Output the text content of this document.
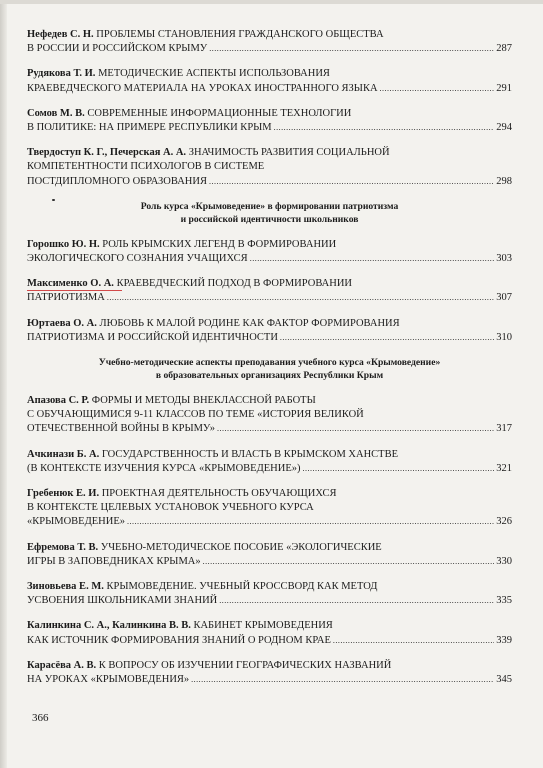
Нефедев С. Н. ПРОБЛЕМЫ СТАНОВЛЕНИЯ ГРАЖДАНСКОГО ОБЩЕСТВА
В РОССИИ И РОССИЙСКОМ КРЫМУ .....	287
Рудякова Т. И. МЕТОДИЧЕСКИЕ АСПЕКТЫ ИСПОЛЬЗОВАНИЯ
КРАЕВЕДЧЕСКОГО МАТЕРИАЛА НА УРОКАХ ИНОСТРАННОГО ЯЗЫКА .....	291
Сомов М. В. СОВРЕМЕННЫЕ ИНФОРМАЦИОННЫЕ ТЕХНОЛОГИИ
В ПОЛИТИКЕ: НА ПРИМЕРЕ РЕСПУБЛИКИ КРЫМ .....	294
Твердоступ К. Г., Печерская А. А. ЗНАЧИМОСТЬ РАЗВИТИЯ СОЦИАЛЬНОЙ
КОМПЕТЕНТНОСТИ ПСИХОЛОГОВ В СИСТЕМЕ
ПОСТДИПЛОМНОГО ОБРАЗОВАНИЯ .....	298
Роль курса «Крымоведение» в формировании патриотизма
и российской идентичности школьников
Горошко Ю. Н. РОЛЬ КРЫМСКИХ ЛЕГЕНД В ФОРМИРОВАНИИ
ЭКОЛОГИЧЕСКОГО СОЗНАНИЯ УЧАЩИХСЯ .....	303
Максименко О. А.
КРАЕВЕДЧЕСКИЙ ПОДХОД В ФОРМИРОВАНИИ
ПАТРИОТИЗМА .....	307
Юртаева О. А. ЛЮБОВЬ К МАЛОЙ РОДИНЕ КАК ФАКТОР ФОРМИРОВАНИЯ
ПАТРИОТИЗМА И РОССИЙСКОЙ ИДЕНТИЧНОСТИ .....	310
Учебно-методические аспекты преподавания учебного курса «Крымоведение»
в образовательных организациях Республики Крым
Апазова С. Р. ФОРМЫ И МЕТОДЫ ВНЕКЛАССНОЙ РАБОТЫ
С ОБУЧАЮЩИМИСЯ 9-11 КЛАССОВ ПО ТЕМЕ «ИСТОРИЯ ВЕЛИКОЙ
ОТЕЧЕСТВЕННОЙ ВОЙНЫ В КРЫМУ» .....	317
Ачкинази Б. А. ГОСУДАРСТВЕННОСТЬ И ВЛАСТЬ В КРЫМСКОМ ХАНСТВЕ
(В КОНТЕКСТЕ ИЗУЧЕНИЯ КУРСА «КРЫМОВЕДЕНИЕ») .....	321
Гребенюк Е. И. ПРОЕКТНАЯ ДЕЯТЕЛЬНОСТЬ ОБУЧАЮЩИХСЯ
В КОНТЕКСТЕ ЦЕЛЕВЫХ УСТАНОВОК УЧЕБНОГО КУРСА
«КРЫМОВЕДЕНИЕ» .....	326
Ефремова Т. В. УЧЕБНО-МЕТОДИЧЕСКОЕ ПОСОБИЕ «ЭКОЛОГИЧЕСКИЕ
ИГРЫ В ЗАПОВЕДНИКАХ КРЫМА» .....	330
Зиновьева Е. М. КРЫМОВЕДЕНИЕ. УЧЕБНЫЙ КРОССВОРД КАК МЕТОД
УСВОЕНИЯ ШКОЛЬНИКАМИ ЗНАНИЙ .....	335
Калинкина С. А., Калинкина В. В. КАБИНЕТ КРЫМОВЕДЕНИЯ
КАК ИСТОЧНИК ФОРМИРОВАНИЯ ЗНАНИЙ О РОДНОМ КРАЕ .....	339
Карасёва А. В. К ВОПРОСУ ОБ ИЗУЧЕНИИ ГЕОГРАФИЧЕСКИХ НАЗВАНИЙ
НА УРОКАХ «КРЫМОВЕДЕНИЯ» .....	345
366
